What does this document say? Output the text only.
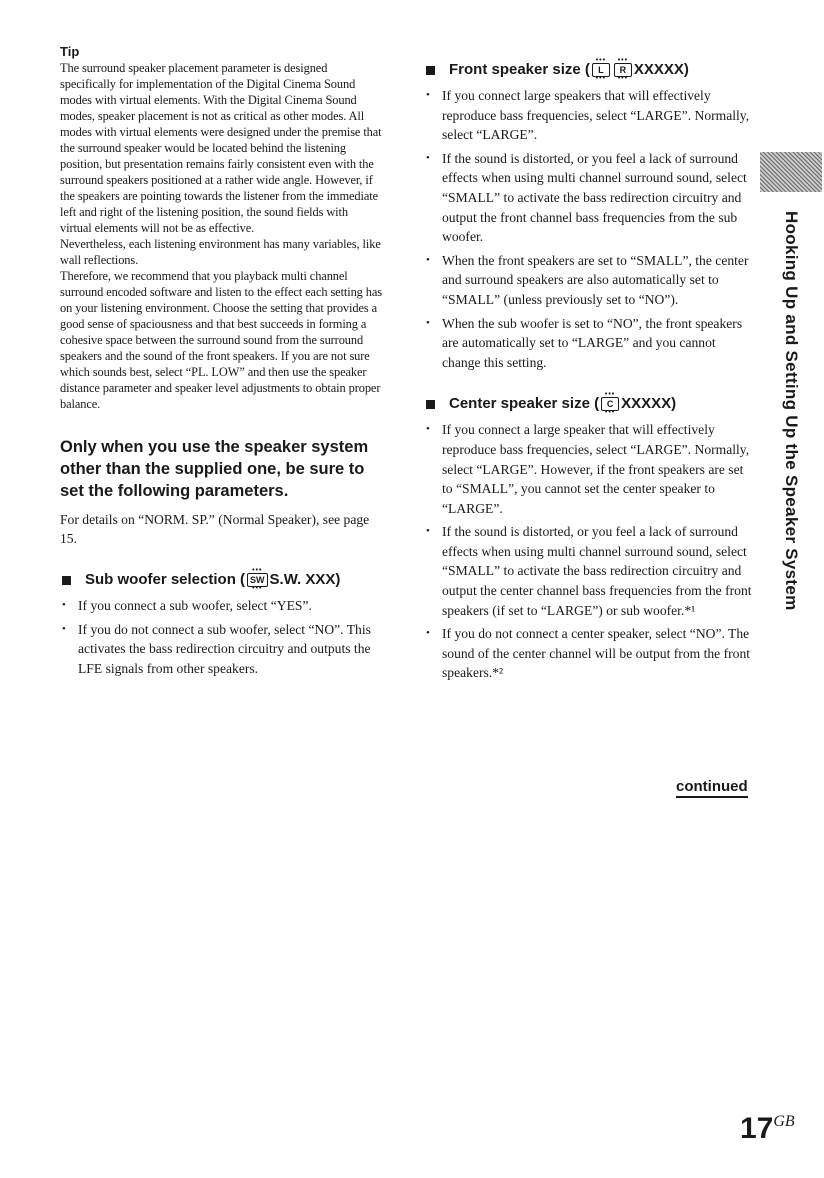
Tip

The surround speaker placement parameter is designed specifically for implementation of the Digital Cinema Sound modes with virtual elements. With the Digital Cinema Sound modes, speaker placement is not as critical as other modes. All modes with virtual elements were designed under the premise that the surround speaker would be located behind the listening position, but presentation remains fairly consistent even with the surround speakers positioned at a rather wide angle. However, if the speakers are pointing towards the listener from the immediate left and right of the listening position, the sound fields with virtual elements will not be as effective.

Nevertheless, each listening environment has many variables, like wall reflections.

Therefore, we recommend that you playback multi channel surround encoded software and listen to the effect each setting has on your listening environment. Choose the setting that provides a good sense of spaciousness and that best succeeds in forming a cohesive space between the surround sound from the surround speakers and the sound of the front speakers. If you are not sure which sounds best, select “PL. LOW” and then use the speaker distance parameter and speaker level adjustments to obtain proper balance.

Only when you use the speaker system other than the supplied one, be sure to set the following parameters.

For details on “NORM. SP.” (Normal Speaker), see page 15.

Sub woofer selection ( ••• SW ••• S.W. XXX)
• If you connect a sub woofer, select “YES”.
• If you do not connect a sub woofer, select “NO”. This activates the bass redirection circuitry and outputs the LFE signals from other speakers.
Front speaker size ( ••• L •••	••• R ••• XXXXX)
• If you connect large speakers that will effectively reproduce bass frequencies, select “LARGE”. Normally, select “LARGE”.
• If the sound is distorted, or you feel a lack of surround effects when using multi channel surround sound, select “SMALL” to activate the bass redirection circuitry and output the front channel bass frequencies from the sub woofer.
• When the front speakers are set to “SMALL”, the center and surround speakers are also automatically set to “SMALL” (unless previously set to “NO”).
• When the sub woofer is set to “NO”, the front speakers are automatically set to “LARGE” and you cannot change this setting.
Center speaker size ( ••• C ••• XXXXX)
• If you connect a large speaker that will effectively reproduce bass frequencies, select “LARGE”. Normally, select “LARGE”. However, if the front speakers are set to “SMALL”, you cannot set the center speaker to “LARGE”.
• If the sound is distorted, or you feel a lack of surround effects when using multi channel surround sound, select “SMALL” to activate the bass redirection circuitry and output the center channel bass frequencies from the front speakers (if set to “LARGE”) or sub woofer.*¹
• If you do not connect a center speaker, select “NO”. The sound of the center channel will be output from the front speakers.*²
continued
Hooking Up and Setting Up the Speaker System
$17^{GB}$
